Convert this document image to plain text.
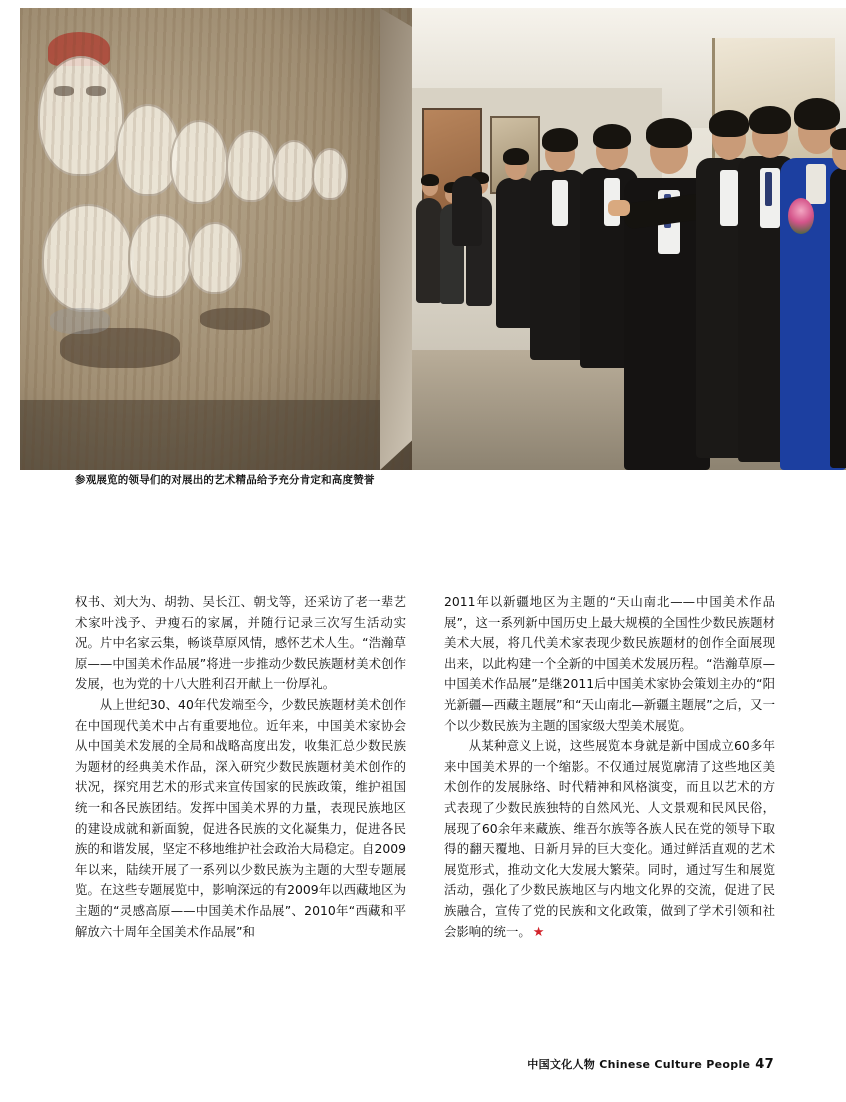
参观展览的领导们的对展出的艺术精品给予充分肯定和高度赞誉

权书、刘大为、胡勃、吴长江、朝戈等，还采访了老一辈艺术家叶浅予、尹瘦石的家属，并随行记录三次写生活动实况。片中名家云集，畅谈草原风情，感怀艺术人生。“浩瀚草原——中国美术作品展”将进一步推动少数民族题材美术创作发展，也为党的十八大胜利召开献上一份厚礼。

从上世纪30、40年代发端至今，少数民族题材美术创作在中国现代美术中占有重要地位。近年来，中国美术家协会从中国美术发展的全局和战略高度出发，收集汇总少数民族为题材的经典美术作品，深入研究少数民族题材美术创作的状况，探究用艺术的形式来宣传国家的民族政策，维护祖国统一和各民族团结。发挥中国美术界的力量，表现民族地区的建设成就和新面貌，促进各民族的文化凝集力，促进各民族的和谐发展，坚定不移地维护社会政治大局稳定。自2009年以来，陆续开展了一系列以少数民族为主题的大型专题展览。在这些专题展览中，影响深远的有2009年以西藏地区为主题的“灵感高原——中国美术作品展”、2010年“西藏和平解放六十周年全国美术作品展”和

2011年以新疆地区为主题的“天山南北——中国美术作品展”，这一系列新中国历史上最大规模的全国性少数民族题材美术大展，将几代美术家表现少数民族题材的创作全面展现出来，以此构建一个全新的中国美术发展历程。“浩瀚草原—中国美术作品展”是继2011后中国美术家协会策划主办的“阳光新疆—西藏主题展”和“天山南北—新疆主题展”之后，又一个以少数民族为主题的国家级大型美术展览。

从某种意义上说，这些展览本身就是新中国成立60多年来中国美术界的一个缩影。不仅通过展览廓清了这些地区美术创作的发展脉络、时代精神和风格演变，而且以艺术的方式表现了少数民族独特的自然风光、人文景观和民风民俗，展现了60余年来藏族、维吾尔族等各族人民在党的领导下取得的翻天覆地、日新月异的巨大变化。通过鲜活直观的艺术展览形式，推动文化大发展大繁荣。同时，通过写生和展览活动，强化了少数民族地区与内地文化界的交流，促进了民族融合，宣传了党的民族和文化政策，做到了学术引领和社会影响的统一。 ★

中国文化人物 Chinese Culture People 47
